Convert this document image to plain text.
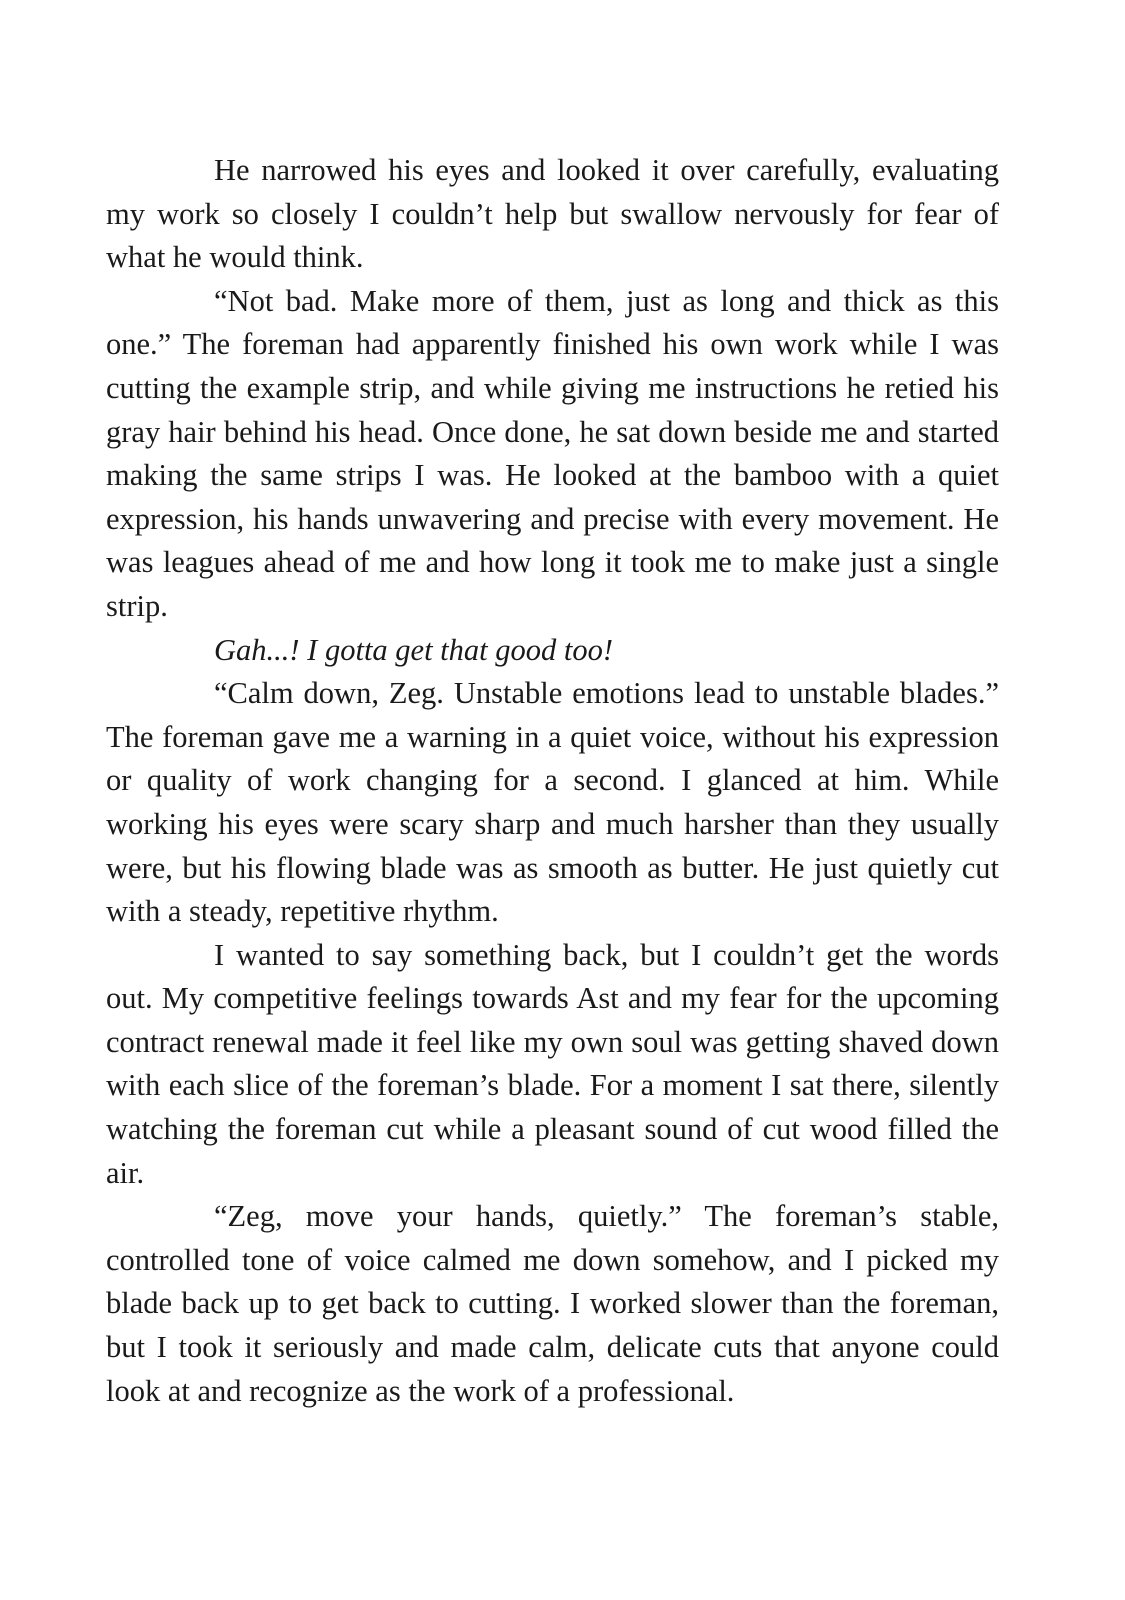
He narrowed his eyes and looked it over carefully, evaluating my work so closely I couldn’t help but swallow nervously for fear of what he would think.

“Not bad. Make more of them, just as long and thick as this one.” The foreman had apparently finished his own work while I was cutting the example strip, and while giving me instructions he retied his gray hair behind his head. Once done, he sat down beside me and started making the same strips I was. He looked at the bamboo with a quiet expression, his hands unwavering and precise with every movement. He was leagues ahead of me and how long it took me to make just a single strip.

Gah...! I gotta get that good too!

“Calm down, Zeg. Unstable emotions lead to unstable blades.” The foreman gave me a warning in a quiet voice, without his expression or quality of work changing for a second. I glanced at him. While working his eyes were scary sharp and much harsher than they usually were, but his flowing blade was as smooth as butter. He just quietly cut with a steady, repetitive rhythm.

I wanted to say something back, but I couldn’t get the words out. My competitive feelings towards Ast and my fear for the upcoming contract renewal made it feel like my own soul was getting shaved down with each slice of the foreman’s blade. For a moment I sat there, silently watching the foreman cut while a pleasant sound of cut wood filled the air.

“Zeg, move your hands, quietly.” The foreman’s stable, controlled tone of voice calmed me down somehow, and I picked my blade back up to get back to cutting. I worked slower than the foreman, but I took it seriously and made calm, delicate cuts that anyone could look at and recognize as the work of a professional.
